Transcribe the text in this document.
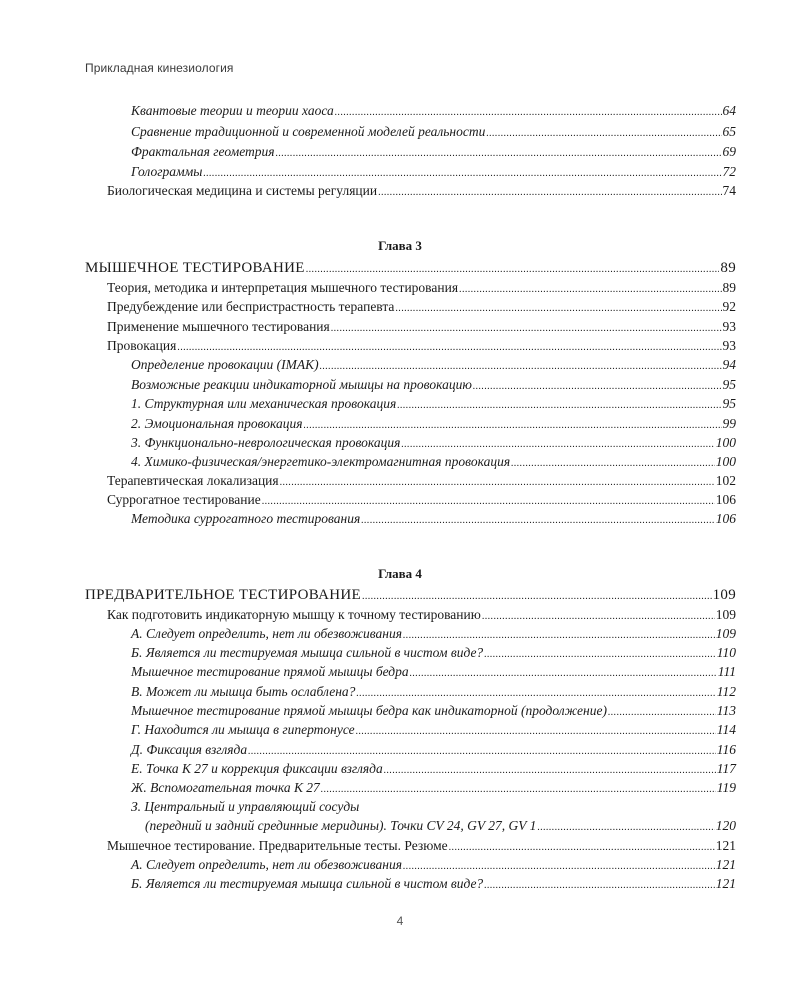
Прикладная кинезиология
Квантовые теории и теории хаоса .....	64
Сравнение традиционной и современной моделей реальности .....	65
Фрактальная геометрия .....	69
Голограммы .....	72
Биологическая медицина и системы регуляции .....	74
Глава 3
МЫШЕЧНОЕ ТЕСТИРОВАНИЕ .....	89
Теория, методика и интерпретация мышечного тестирования .....	89
Предубеждение или беспристрастность терапевта .....	92
Применение мышечного тестирования .....	93
Провокация .....	93
Определение провокации (IMAK) .....	94
Возможные реакции индикаторной мышцы на провокацию .....	95
1. Структурная или механическая провокация .....	95
2. Эмоциональная провокация .....	99
3. Функционально-неврологическая провокация .....	100
4. Химико-физическая/энергетико-электромагнитная провокация .....	100
Терапевтическая локализация .....	102
Суррогатное тестирование .....	106
Методика суррогатного тестирования .....	106
Глава 4
ПРЕДВАРИТЕЛЬНОЕ ТЕСТИРОВАНИЕ .....	109
Как подготовить индикаторную мышцу к точному тестированию .....	109
А. Следует определить, нет ли обезвоживания .....	109
Б. Является ли тестируемая мышца сильной в чистом виде? .....	110
Мышечное тестирование прямой мышцы бедра .....	111
В. Может ли мышца быть ослаблена? .....	112
Мышечное тестирование прямой мышцы бедра как индикаторной (продолжение) .....	113
Г. Находится ли мышца в гипертонусе .....	114
Д. Фиксация взгляда .....	116
Е. Точка К 27 и коррекция фиксации взгляда .....	117
Ж. Вспомогательная точка К 27 .....	119
З. Центральный и управляющий сосуды
(передний и задний срединные меридины). Точки CV 24, GV 27, GV 1 .....	120
Мышечное тестирование. Предварительные тесты. Резюме .....	121
А. Следует определить, нет ли обезвоживания .....	121
Б. Является ли тестируемая мышца сильной в чистом виде? .....	121
4
